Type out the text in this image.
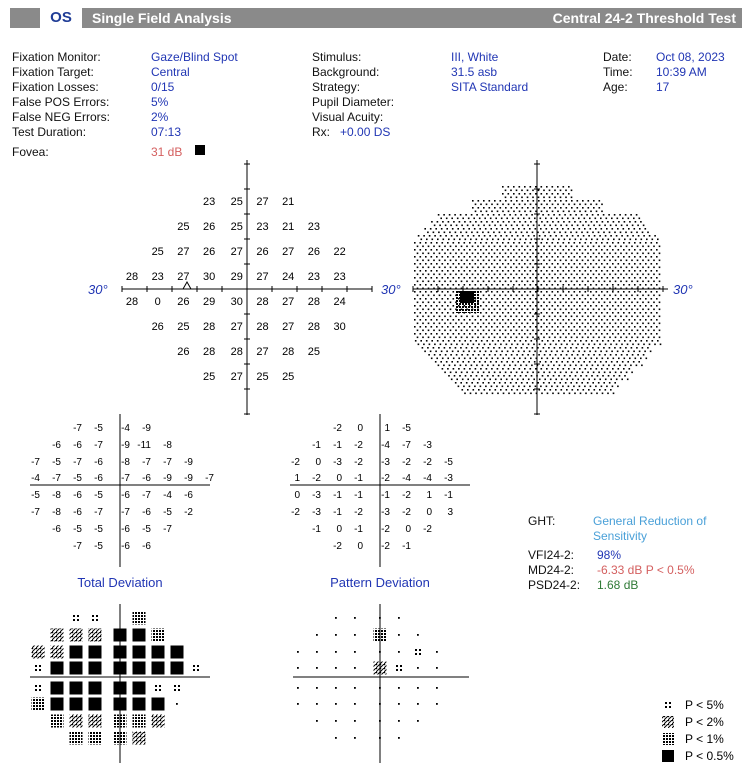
OS	Single Field Analysis	Central 24-2 Threshold Test
Fixation Monitor:	Gaze/Blind Spot
Fixation Target:	Central
Fixation Losses:	0/15
False POS Errors:	5%
False NEG Errors:	2%
Test Duration:	07:13
Fovea:	31 dB
Stimulus:	III, White
Background:	31.5 asb
Strategy:	SITA Standard
Pupil Diameter:
Visual Acuity:
Rx: +0.00 DS
Date: Oct 08, 2023
Time: 10:39 AM
Age: 17
30°	30°
23 25 27 21
25 26 25 23 21 23
25 27 26 27 26 27 26 22
28 23 27 30 29 27 24 23 23
28 0 26 29 30 28 27 28 24
26 25 28 27 28 27 28 30
26 28 28 27 28 25
25 27 25 25
30°
-7 -5 -4 -9
-6 -6 -7 -9 -11 -8
-7 -5 -7 -6 -8 -7 -7 -9
-4 -7 -5 -6 -7 -6 -9 -9 -7
-5 -8 -6 -5 -6 -7 -4 -6
-7 -8 -6 -7 -7 -6 -5 -2
-6 -5 -5 -6 -5 -7
-7 -5 -6 -6
-2 0 1 -5
-1 -1 -2 -4 -7 -3
-2 0 -3 -2 -3 -2 -2 -5
1 -2 0 -1 -2 -4 -4 -3
0 -3 -1 -1 -1 -2 1 -1
-2 -3 -1 -2 -3 -2 0 3
-1 0 -1 -2 0 -2
-2 0 -2 -1
Total Deviation	Pattern Deviation
P < 5%
P < 2%
P < 1%
P < 0.5%
GHT:	General Reduction of Sensitivity
VFI24-2: 98%
MD24-2: -6.33 dB P < 0.5%
PSD24-2: 1.68 dB
